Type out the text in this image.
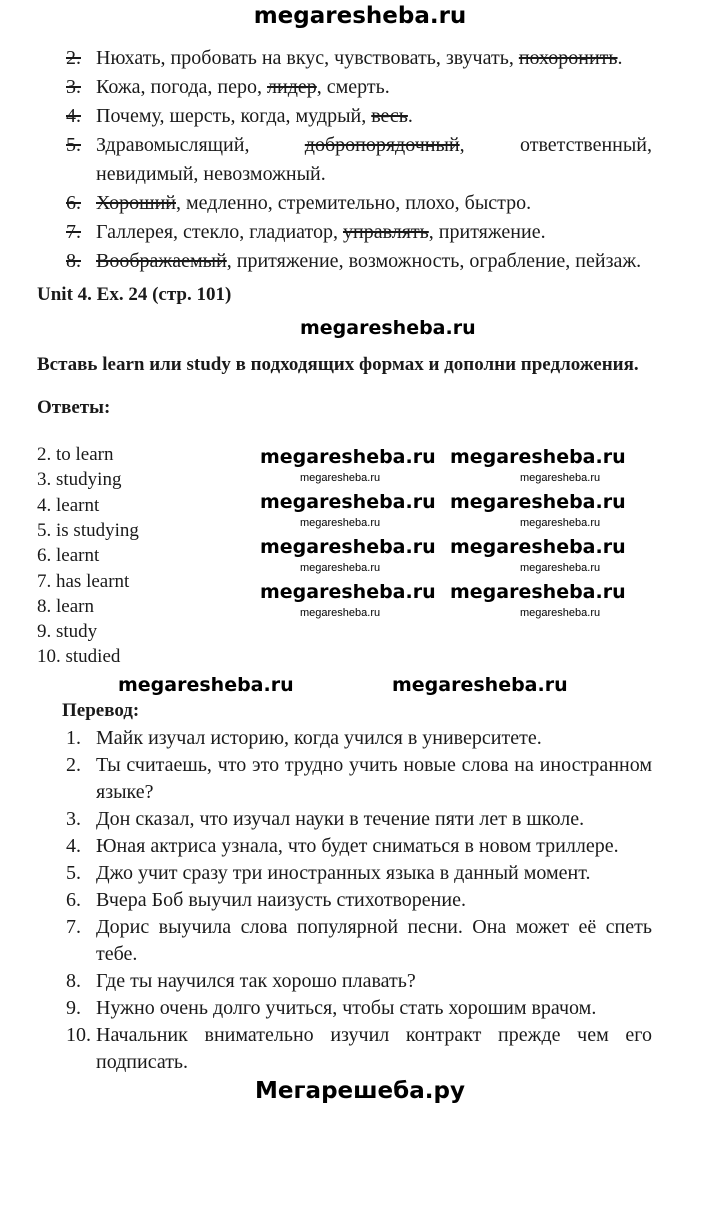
megaresheba.ru
2. Нюхать, пробовать на вкус, чувствовать, звучать, похоронить.
3. Кожа, погода, перо, лидер, смерть.
4. Почему, шерсть, когда, мудрый, весь.
5. Здравомыслящий, добропорядочный, ответственный, невидимый, невозможный.
6. Хороший, медленно, стремительно, плохо, быстро.
7. Галлерея, стекло, гладиатор, управлять, притяжение.
8. Воображаемый, притяжение, возможность, ограбление, пейзаж.
Unit 4. Ex. 24 (стр. 101)
megaresheba.ru
Вставь learn или study в подходящих формах и дополни предложения.
Ответы:
2. to learn
3. studying
4. learnt
5. is studying
6. learnt
7. has learnt
8. learn
9. study
10. studied
megaresheba.ru megaresheba.ru
megaresheba.ru megaresheba.ru
megaresheba.ru megaresheba.ru
megaresheba.ru megaresheba.ru
megaresheba.ru	megaresheba.ru
megaresheba.ru	megaresheba.ru
megaresheba.ru	megaresheba.ru
megaresheba.ru	megaresheba.ru
megaresheba.ru	megaresheba.ru
Перевод:
1. Майк изучал историю, когда учился в университете.
2. Ты считаешь, что это трудно учить новые слова на иностранном языке?
3. Дон сказал, что изучал науки в течение пяти лет в школе.
4. Юная актриса узнала, что будет сниматься в новом триллере.
5. Джо учит сразу три иностранных языка в данный момент.
6. Вчера Боб выучил наизусть стихотворение.
7. Дорис выучила слова популярной песни. Она может её спеть тебе.
8. Где ты научился так хорошо плавать?
9. Нужно очень долго учиться, чтобы стать хорошим врачом.
10. Начальник внимательно изучил контракт прежде чем его подписать.
Мегарешеба.ру
